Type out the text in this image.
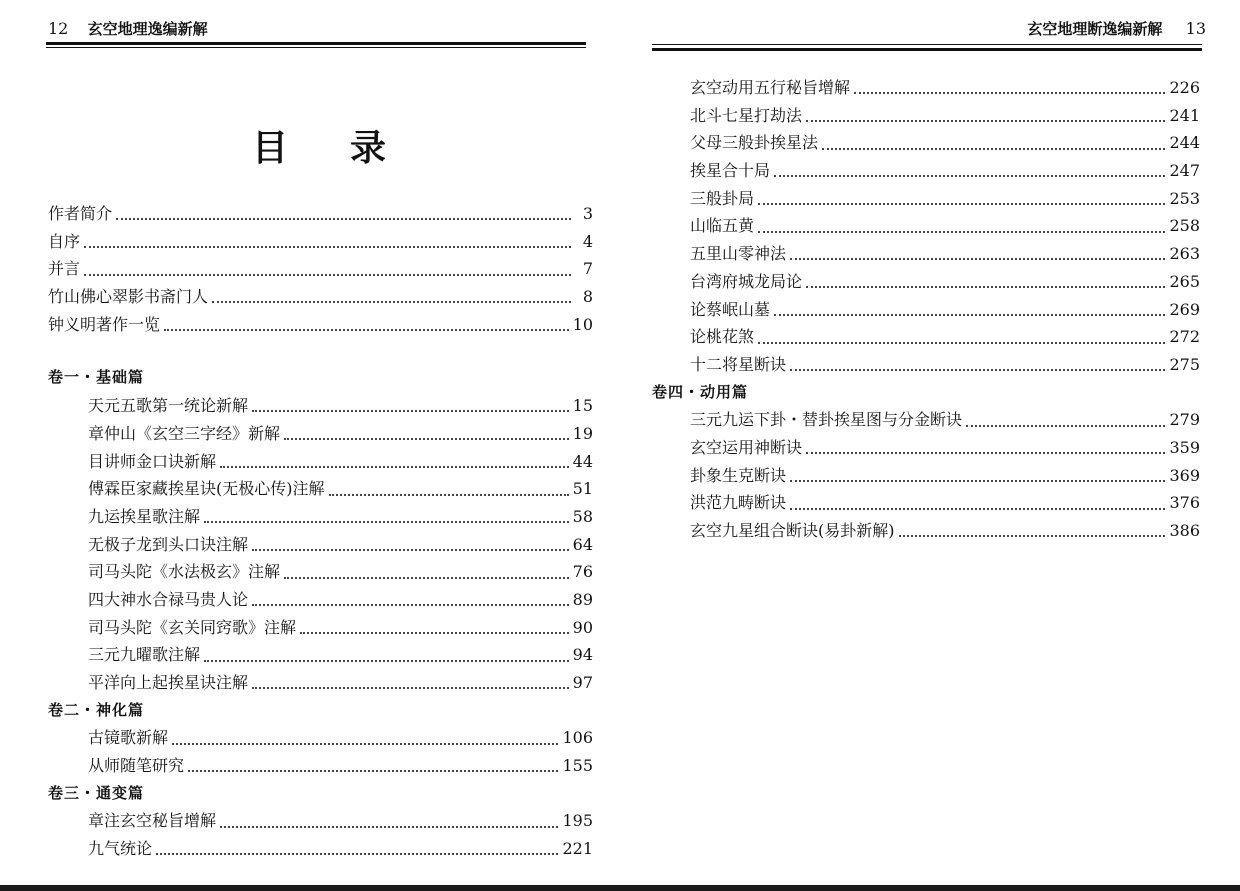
12 玄空地理逸编新解
目录
作者简介	3
自序	4
并言	7
竹山佛心翠影书斋门人	8
钟义明著作一览	10
卷一・基础篇
天元五歌第一统论新解	15
章仲山《玄空三字经》新解	19
目讲师金口诀新解	44
傅霖臣家藏挨星诀(无极心传)注解	51
九运挨星歌注解	58
无极子龙到头口诀注解	64
司马头陀《水法极玄》注解	76
四大神水合禄马贵人论	89
司马头陀《玄关同窍歌》注解	90
三元九曜歌注解	94
平洋向上起挨星诀注解	97
卷二・神化篇
古镜歌新解	106
从师随笔研究	155
卷三・通变篇
章注玄空秘旨增解	195
九气统论	221
玄空地理断逸编新解 13
玄空动用五行秘旨增解	226
北斗七星打劫法	241
父母三般卦挨星法	244
挨星合十局	247
三般卦局	253
山临五黄	258
五里山零神法	263
台湾府城龙局论	265
论蔡岷山墓	269
论桃花煞	272
十二将星断诀	275
卷四・动用篇
三元九运下卦・替卦挨星图与分金断诀	279
玄空运用神断诀	359
卦象生克断诀	369
洪范九畴断诀	376
玄空九星组合断诀(易卦新解)	386
